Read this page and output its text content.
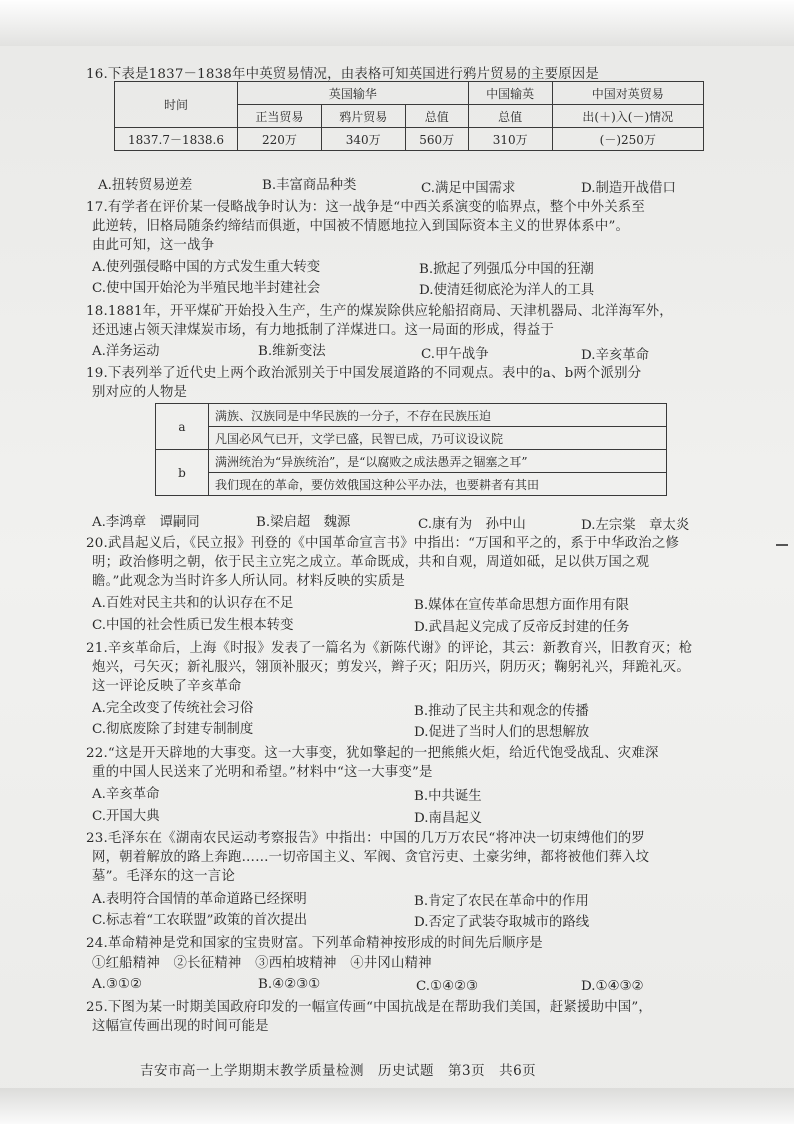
16.下表是1837－1838年中英贸易情况，由表格可知英国进行鸦片贸易的主要原因是
时间	英国输华			中国输英	中国对英贸易
	正当贸易	鸦片贸易	总值	总值	出(＋)入(－)情况
1837.7－1838.6	220万	340万	560万	310万	(－)250万
A.扭转贸易逆差	B.丰富商品种类	C.满足中国需求	D.制造开战借口
17.有学者在评价某一侵略战争时认为：这一战争是“中西关系演变的临界点，整个中外关系至
此逆转，旧格局随条约缔结而俱逝，中国被不情愿地拉入到国际资本主义的世界体系中”。
由此可知，这一战争
A.使列强侵略中国的方式发生重大转变	B.掀起了列强瓜分中国的狂潮
C.使中国开始沦为半殖民地半封建社会	D.使清廷彻底沦为洋人的工具
18.1881年，开平煤矿开始投入生产，生产的煤炭除供应轮船招商局、天津机器局、北洋海军外，
还迅速占领天津煤炭市场，有力地抵制了洋煤进口。这一局面的形成，得益于
A.洋务运动	B.维新变法	C.甲午战争	D.辛亥革命
19.下表列举了近代史上两个政治派别关于中国发展道路的不同观点。表中的a、b两个派别分
别对应的人物是
a	满族、汉族同是中华民族的一分子，不存在民族压迫
	凡国必风气已开，文学已盛，民智已成，乃可议设议院
b	满洲统治为“异族统治”，是“以腐败之成法愚弄之锢塞之耳”
	我们现在的革命，要仿效俄国这种公平办法，也要耕者有其田
A.李鸿章　谭嗣同	B.梁启超　魏源	C.康有为　孙中山	D.左宗棠　章太炎
20.武昌起义后，《民立报》刊登的《中国革命宣言书》中指出：“万国和平之的，系于中华政治之修
明；政治修明之朝，依于民主立宪之成立。革命既成，共和自观，周道如砥，足以供万国之观
瞻。”此观念为当时许多人所认同。材料反映的实质是
A.百姓对民主共和的认识存在不足	B.媒体在宣传革命思想方面作用有限
C.中国的社会性质已发生根本转变	D.武昌起义完成了反帝反封建的任务
21.辛亥革命后，上海《时报》发表了一篇名为《新陈代谢》的评论，其云：新教育兴，旧教育灭；枪
炮兴，弓矢灭；新礼服兴，翎顶补服灭；剪发兴，辫子灭；阳历兴，阴历灭；鞠躬礼兴，拜跪礼灭。
这一评论反映了辛亥革命
A.完全改变了传统社会习俗	B.推动了民主共和观念的传播
C.彻底废除了封建专制制度	D.促进了当时人们的思想解放
22.“这是开天辟地的大事变。这一大事变，犹如擎起的一把熊熊火炬，给近代饱受战乱、灾难深
重的中国人民送来了光明和希望。”材料中“这一大事变”是
A.辛亥革命	B.中共诞生
C.开国大典	D.南昌起义
23.毛泽东在《湖南农民运动考察报告》中指出：中国的几万万农民“将冲决一切束缚他们的罗
网，朝着解放的路上奔跑……一切帝国主义、军阀、贪官污吏、土豪劣绅，都将被他们葬入坟
墓”。毛泽东的这一言论
A.表明符合国情的革命道路已经探明	B.肯定了农民在革命中的作用
C.标志着“工农联盟”政策的首次提出	D.否定了武装夺取城市的路线
24.革命精神是党和国家的宝贵财富。下列革命精神按形成的时间先后顺序是
①红船精神　②长征精神　③西柏坡精神　④井冈山精神
A.③①②	B.④②③①	C.①④②③	D.①④③②
25.下图为某一时期美国政府印发的一幅宣传画“中国抗战是在帮助我们美国，赶紧援助中国”，
这幅宣传画出现的时间可能是
吉安市高一上学期期末教学质量检测　历史试题　第3页　共6页
